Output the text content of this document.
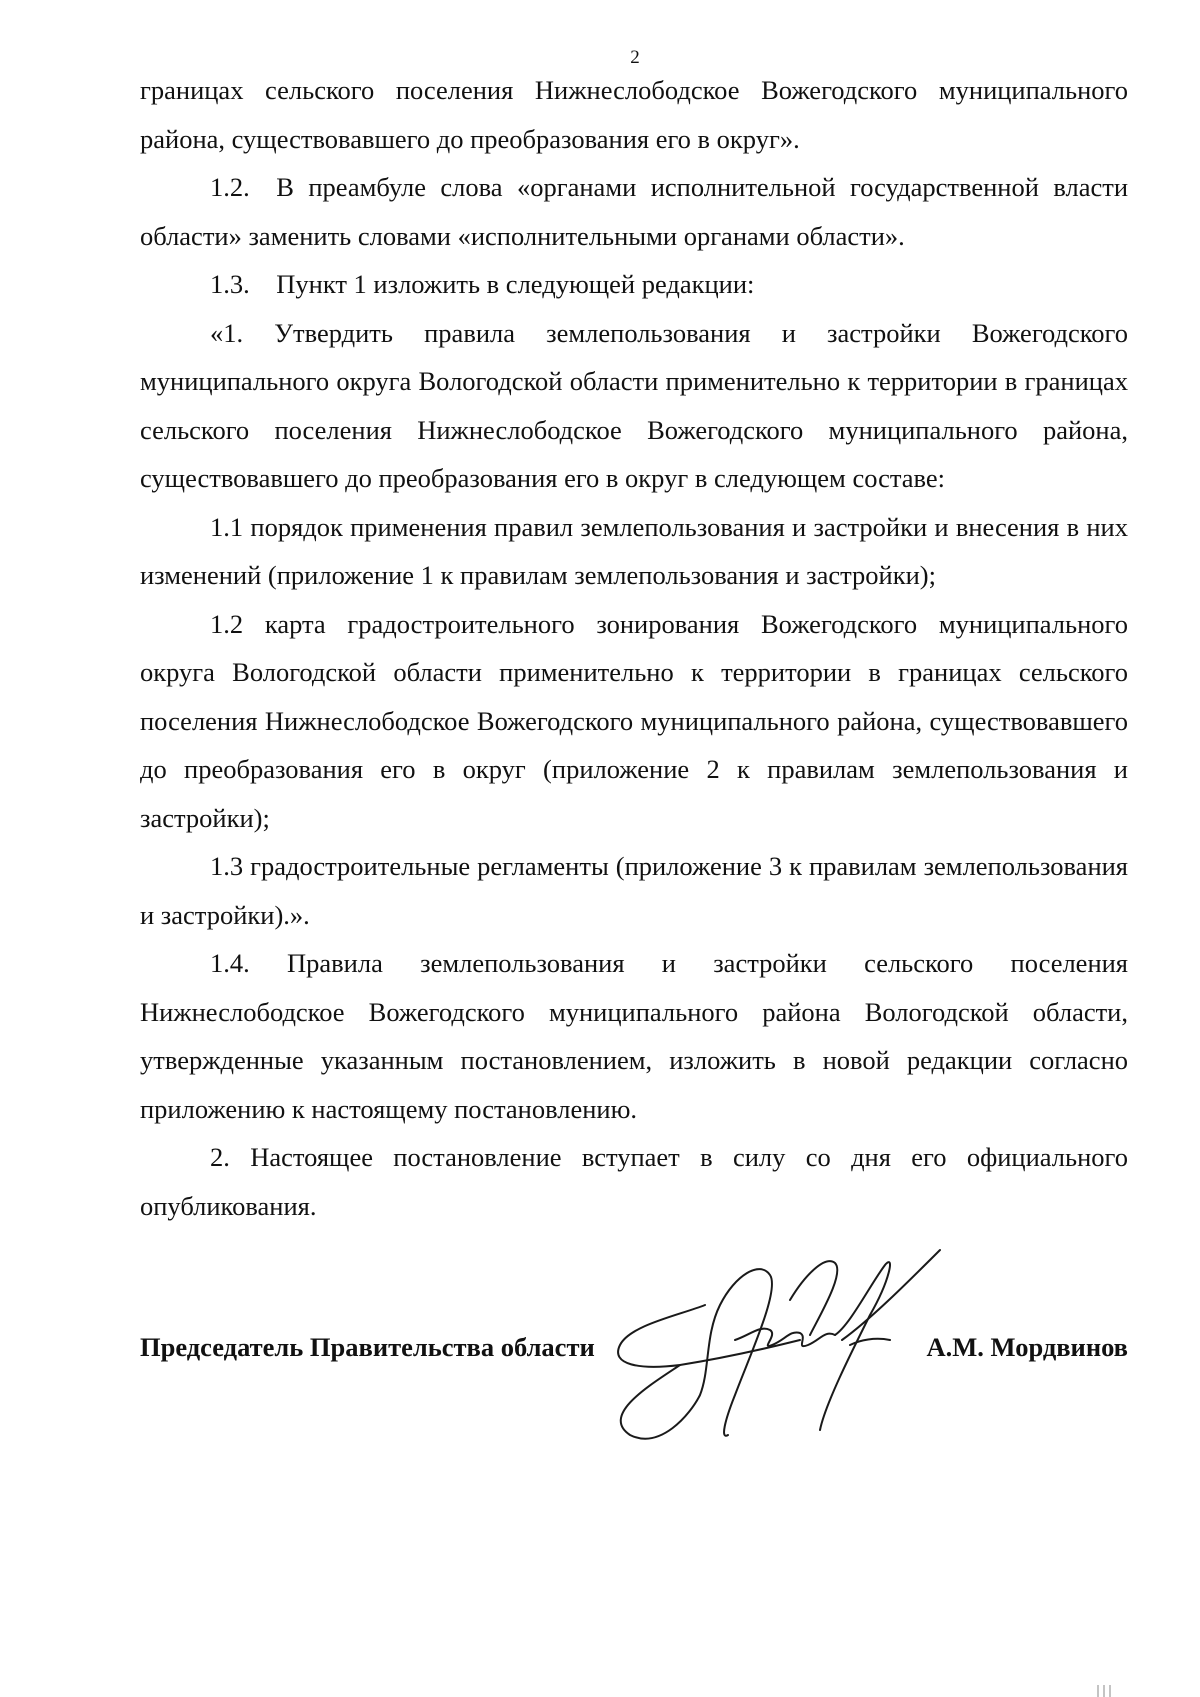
2

границах сельского поселения Нижнеслободское Вожегодского муниципального района, существовавшего до преобразования его в округ».

1.2. В преамбуле слова «органами исполнительной государственной власти области» заменить словами «исполнительными органами области».

1.3. Пункт 1 изложить в следующей редакции:

«1. Утвердить правила землепользования и застройки Вожегодского муниципального округа Вологодской области применительно к территории в границах сельского поселения Нижнеслободское Вожегодского муниципального района, существовавшего до преобразования его в округ в следующем составе:

1.1 порядок применения правил землепользования и застройки и внесения в них изменений (приложение 1 к правилам землепользования и застройки);

1.2 карта градостроительного зонирования Вожегодского муниципального округа Вологодской области применительно к территории в границах сельского поселения Нижнеслободское Вожегодского муниципального района, существовавшего до преобразования его в округ (приложение 2 к правилам землепользования и застройки);

1.3 градостроительные регламенты (приложение 3 к правилам землепользования и застройки).».

1.4. Правила землепользования и застройки сельского поселения Нижнеслободское Вожегодского муниципального района Вологодской области, утвержденные указанным постановлением, изложить в новой редакции согласно приложению к настоящему постановлению.

2. Настоящее постановление вступает в силу со дня его официального опубликования.

Председатель Правительства области	А.М. Мордвинов
